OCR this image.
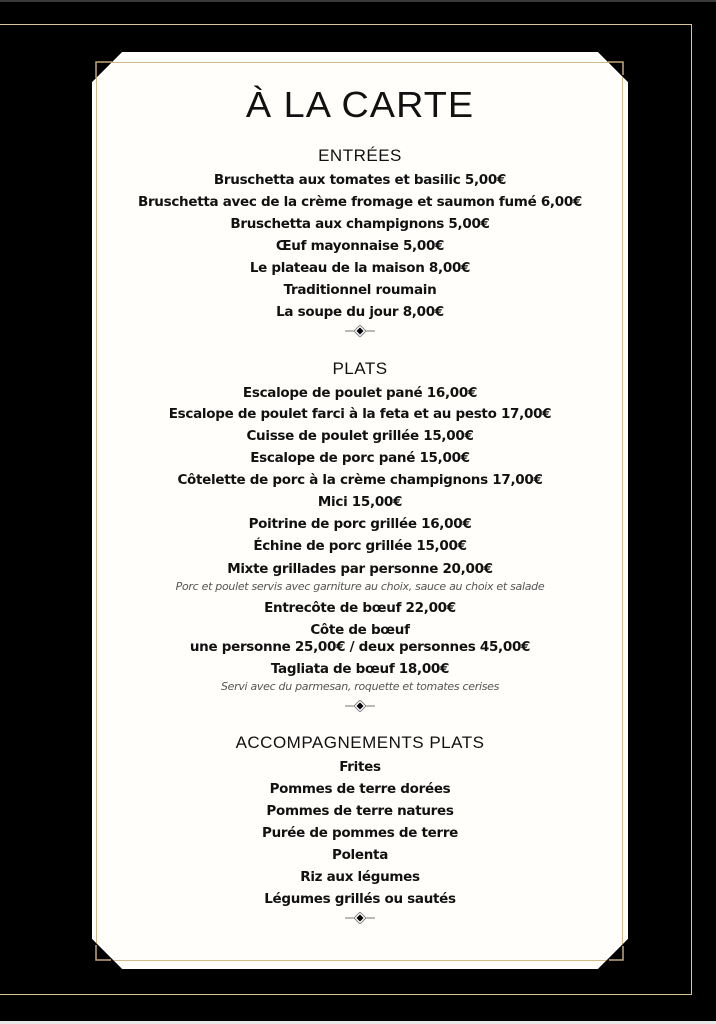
À LA CARTE
ENTRÉES
Bruschetta aux tomates et basilic 5,00€
Bruschetta avec de la crème fromage et saumon fumé 6,00€
Bruschetta aux champignons 5,00€
Œuf mayonnaise 5,00€
Le plateau de la maison 8,00€
Traditionnel roumain
La soupe du jour 8,00€
PLATS
Escalope de poulet pané 16,00€
Escalope de poulet farci à la feta et au pesto 17,00€
Cuisse de poulet grillée 15,00€
Escalope de porc pané 15,00€
Côtelette de porc à la crème champignons 17,00€
Mici 15,00€
Poitrine de porc grillée 16,00€
Échine de porc grillée 15,00€
Mixte grillades par personne 20,00€
Porc et poulet servis avec garniture au choix, sauce au choix et salade
Entrecôte de bœuf 22,00€
Côte de bœuf
une personne 25,00€ / deux personnes 45,00€
Tagliata de bœuf 18,00€
Servi avec du parmesan, roquette et tomates cerises
ACCOMPAGNEMENTS PLATS
Frites
Pommes de terre dorées
Pommes de terre natures
Purée de pommes de terre
Polenta
Riz aux légumes
Légumes grillés ou sautés
